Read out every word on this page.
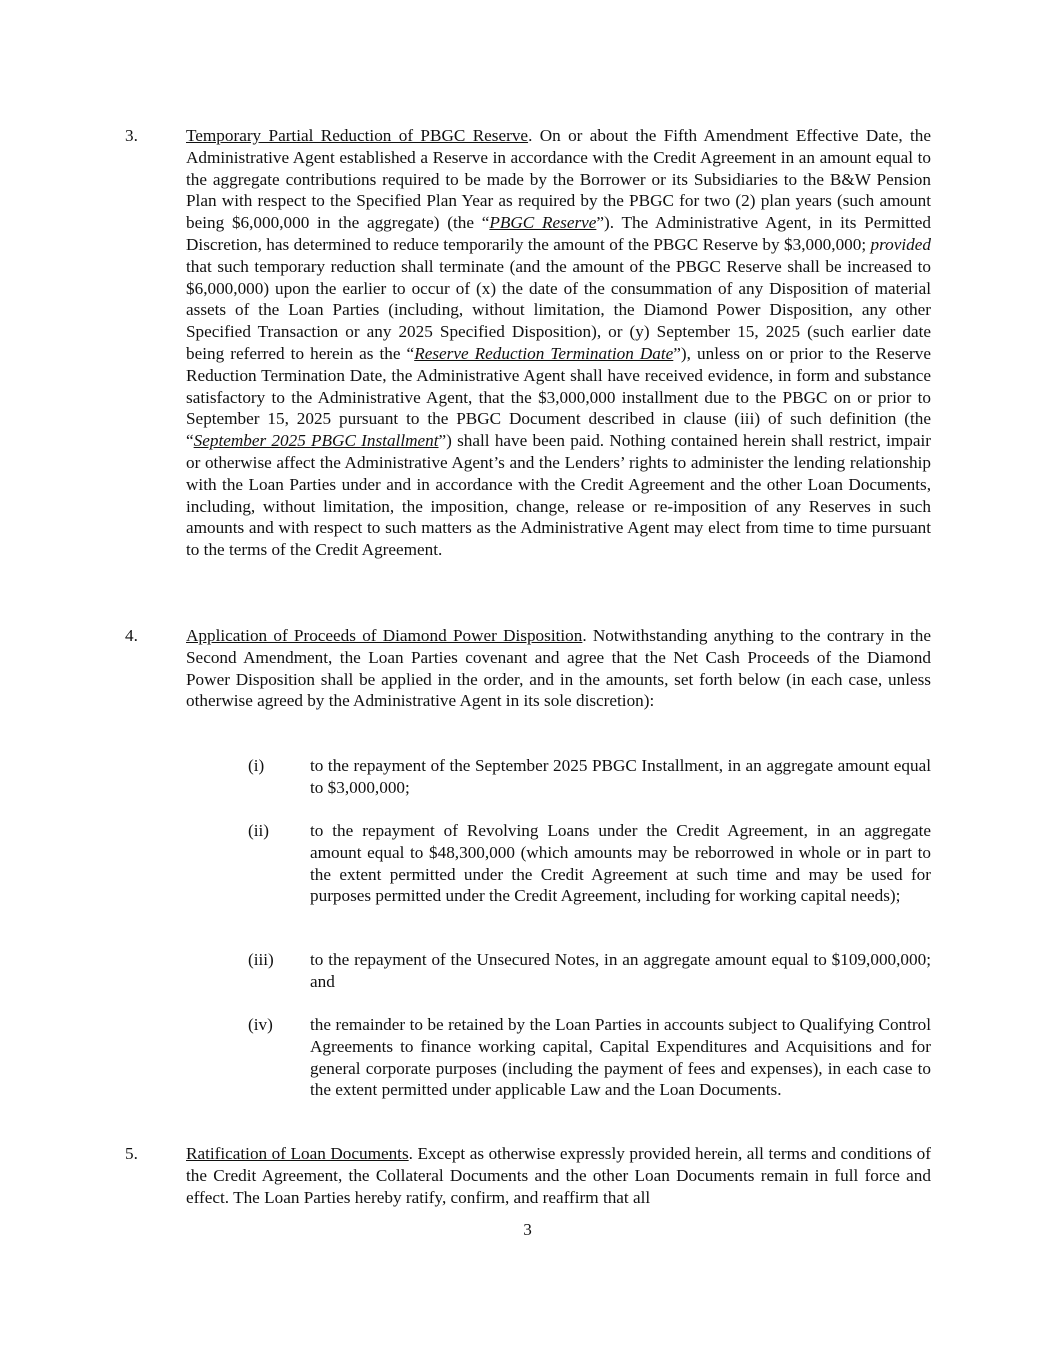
3.	Temporary Partial Reduction of PBGC Reserve. On or about the Fifth Amendment Effective Date, the Administrative Agent established a Reserve in accordance with the Credit Agreement in an amount equal to the aggregate contributions required to be made by the Borrower or its Subsidiaries to the B&W Pension Plan with respect to the Specified Plan Year as required by the PBGC for two (2) plan years (such amount being $6,000,000 in the aggregate) (the “PBGC Reserve”). The Administrative Agent, in its Permitted Discretion, has determined to reduce temporarily the amount of the PBGC Reserve by $3,000,000; provided that such temporary reduction shall terminate (and the amount of the PBGC Reserve shall be increased to $6,000,000) upon the earlier to occur of (x) the date of the consummation of any Disposition of material assets of the Loan Parties (including, without limitation, the Diamond Power Disposition, any other Specified Transaction or any 2025 Specified Disposition), or (y) September 15, 2025 (such earlier date being referred to herein as the “Reserve Reduction Termination Date”), unless on or prior to the Reserve Reduction Termination Date, the Administrative Agent shall have received evidence, in form and substance satisfactory to the Administrative Agent, that the $3,000,000 installment due to the PBGC on or prior to September 15, 2025 pursuant to the PBGC Document described in clause (iii) of such definition (the “September 2025 PBGC Installment”) shall have been paid. Nothing contained herein shall restrict, impair or otherwise affect the Administrative Agent’s and the Lenders’ rights to administer the lending relationship with the Loan Parties under and in accordance with the Credit Agreement and the other Loan Documents, including, without limitation, the imposition, change, release or re-imposition of any Reserves in such amounts and with respect to such matters as the Administrative Agent may elect from time to time pursuant to the terms of the Credit Agreement.
4.	Application of Proceeds of Diamond Power Disposition. Notwithstanding anything to the contrary in the Second Amendment, the Loan Parties covenant and agree that the Net Cash Proceeds of the Diamond Power Disposition shall be applied in the order, and in the amounts, set forth below (in each case, unless otherwise agreed by the Administrative Agent in its sole discretion):
(i)	to the repayment of the September 2025 PBGC Installment, in an aggregate amount equal to $3,000,000;
(ii) to the repayment of Revolving Loans under the Credit Agreement, in an aggregate amount equal to $48,300,000 (which amounts may be reborrowed in whole or in part to the extent permitted under the Credit Agreement at such time and may be used for purposes permitted under the Credit Agreement, including for working capital needs);
(iii) to the repayment of the Unsecured Notes, in an aggregate amount equal to $109,000,000; and
(iv) the remainder to be retained by the Loan Parties in accounts subject to Qualifying Control Agreements to finance working capital, Capital Expenditures and Acquisitions and for general corporate purposes (including the payment of fees and expenses), in each case to the extent permitted under applicable Law and the Loan Documents.
5.	Ratification of Loan Documents. Except as otherwise expressly provided herein, all terms and conditions of the Credit Agreement, the Collateral Documents and the other Loan Documents remain in full force and effect. The Loan Parties hereby ratify, confirm, and reaffirm that all
3
